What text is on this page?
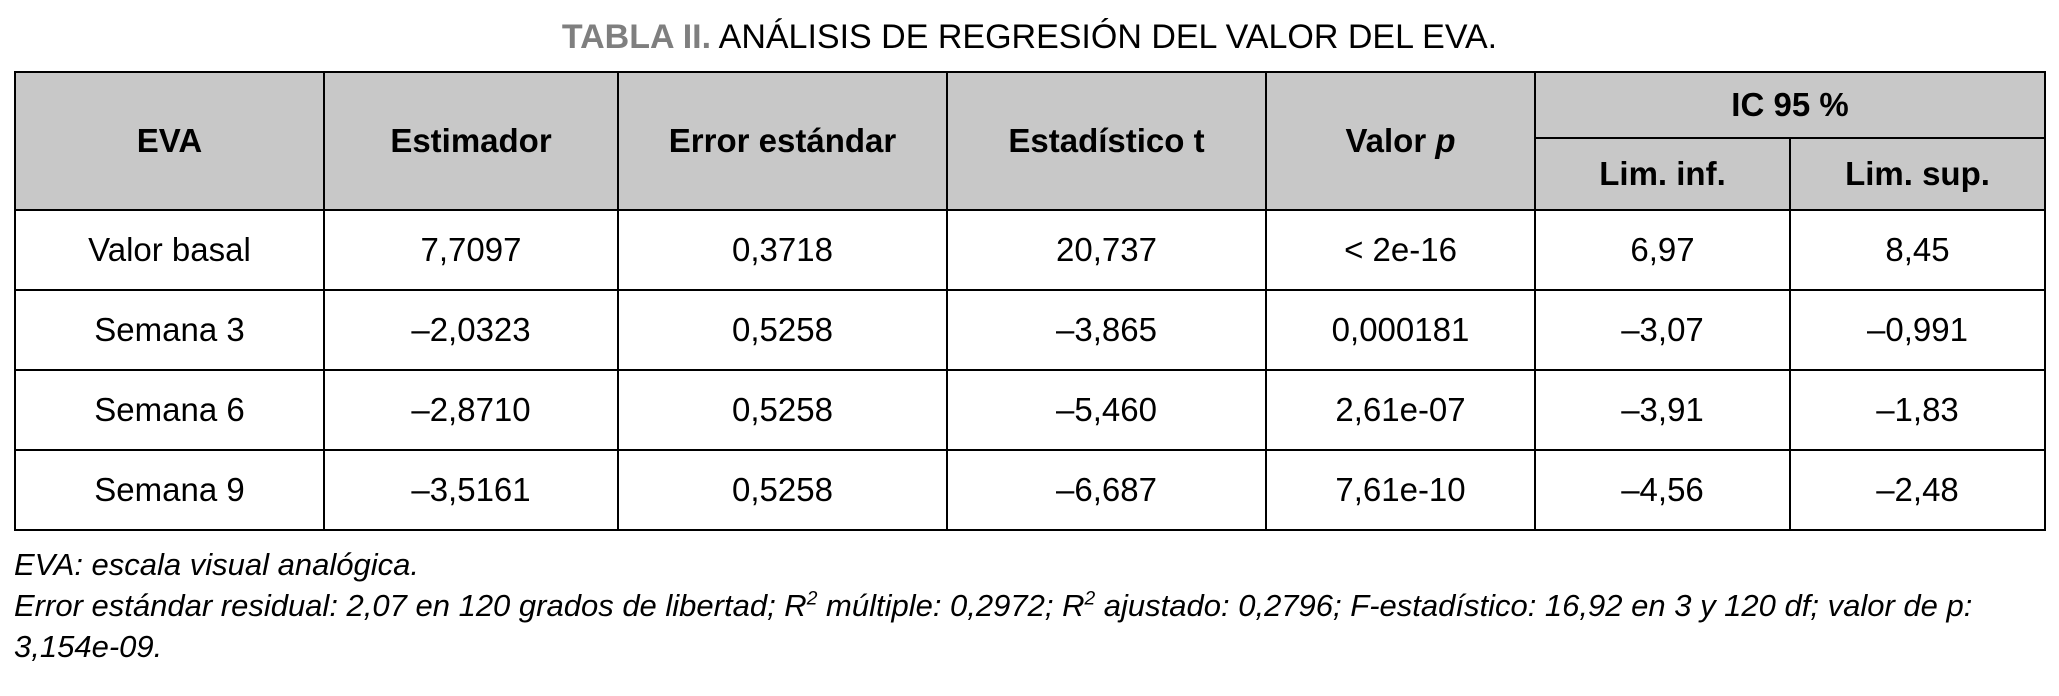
TABLA II. ANÁLISIS DE REGRESIÓN DEL VALOR DEL EVA.
EVA	Estimador	Error estándar	Estadístico t	Valor p	IC 95 %	
					Lim. inf.	Lim. sup.
Valor basal	7,7097	0,3718	20,737	< 2e-16	6,97	8,45
Semana 3	–2,0323	0,5258	–3,865	0,000181	–3,07	–0,991
Semana 6	–2,8710	0,5258	–5,460	2,61e-07	–3,91	–1,83
Semana 9	–3,5161	0,5258	–6,687	7,61e-10	–4,56	–2,48
EVA: escala visual analógica.
Error estándar residual: 2,07 en 120 grados de libertad; $R^2$ múltiple: 0,2972; $R^2$ ajustado: 0,2796; F-estadístico: 16,92 en 3 y 120 df; valor de p: 3,154e-09.
